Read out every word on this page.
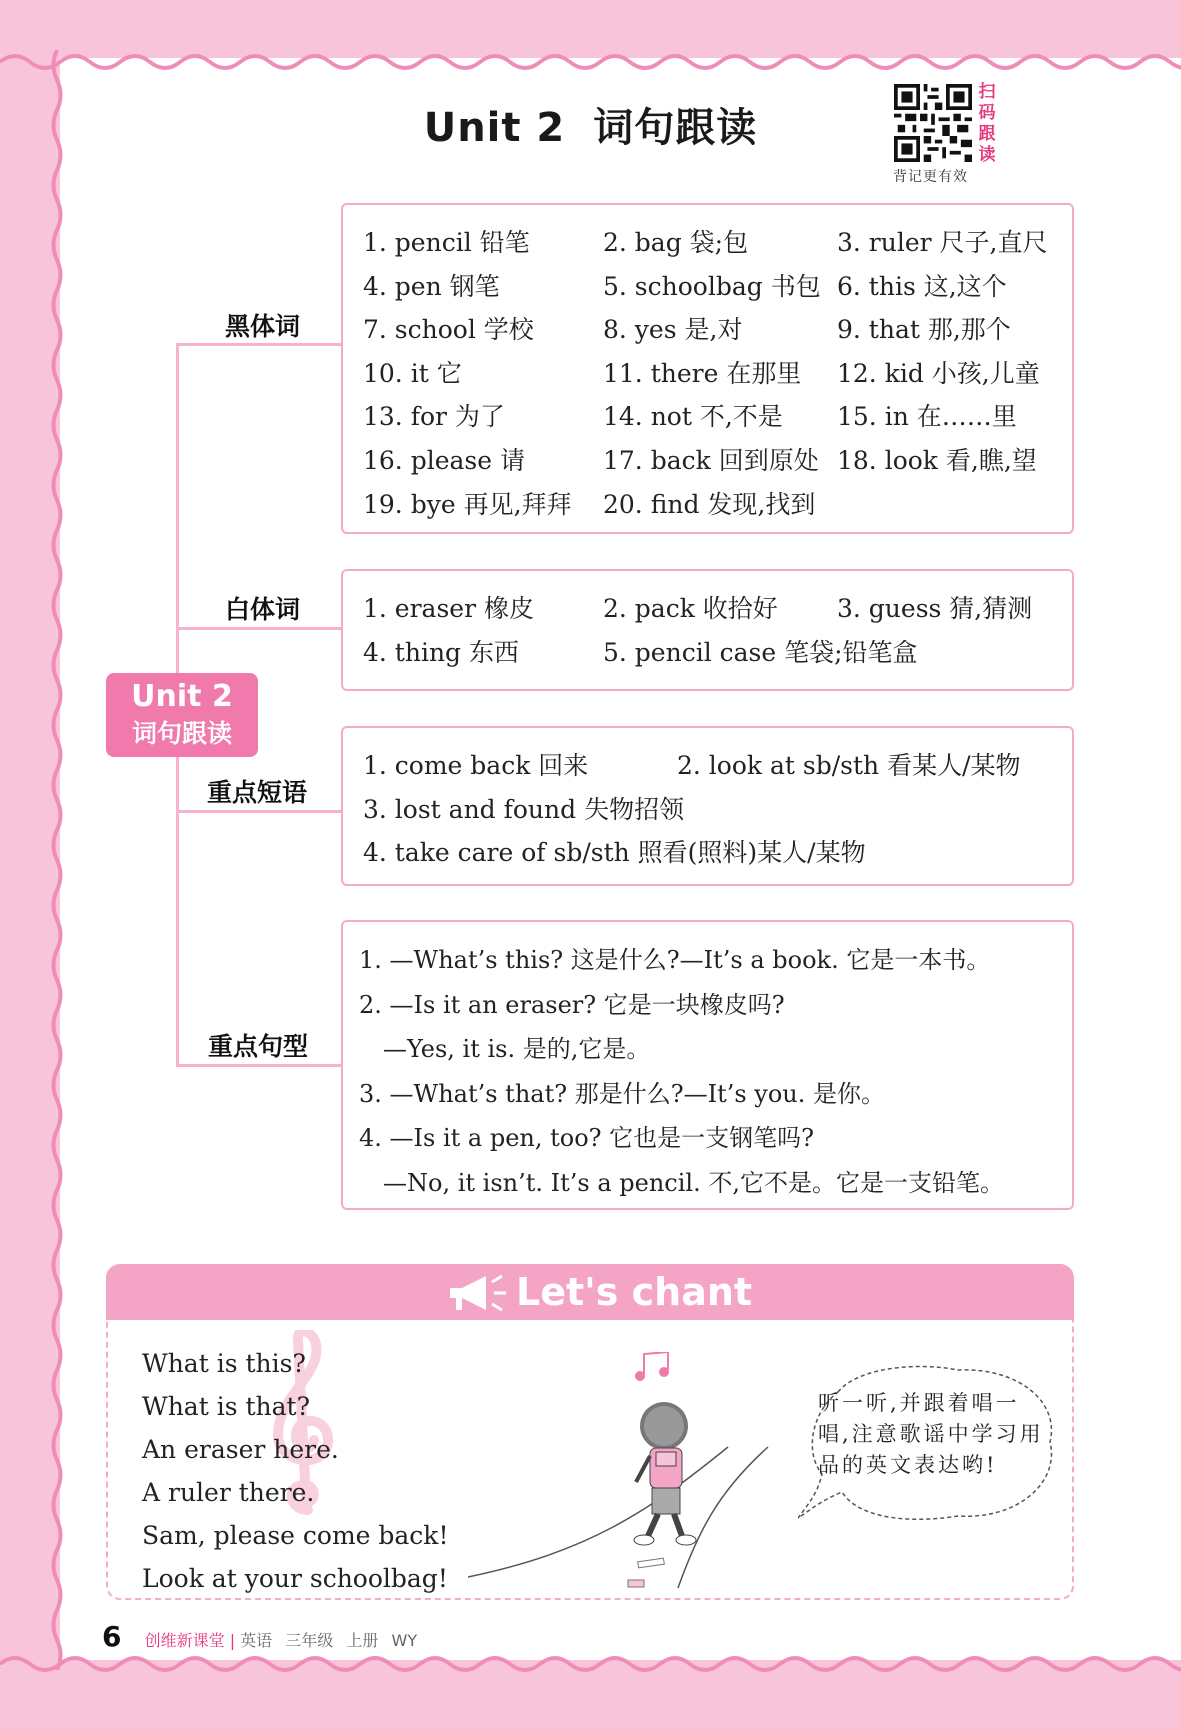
Unit 2 词句跟读
扫
码
跟
读
背记更有效
Unit 2
词句跟读
黑体词
白体词
重点短语
重点句型
1. pencil 铅笔	2. bag 袋;包	3. ruler 尺子,直尺
4. pen 钢笔	5. schoolbag 书包 6. this 这,这个
7. school 学校	8. yes 是,对	9. that 那,那个
10. it 它	11. there 在那里	12. kid 小孩,儿童
13. for 为了	14. not 不,不是	15. in 在……里
16. please 请	17. back 回到原处 18. look 看,瞧,望
19. bye 再见,拜拜	20. find 发现,找到
1. eraser 橡皮	2. pack 收拾好	3. guess 猜,猜测
4. thing 东西	5. pencil case 笔袋;铅笔盒
1. come back 回来	2. look at sb/sth 看某人/某物
3. lost and found 失物招领
4. take care of sb/sth 照看(照料)某人/某物
1. —What’s this? 这是什么?—It’s a book. 它是一本书。
2. —Is it an eraser? 它是一块橡皮吗?
—Yes, it is. 是的,它是。
3. —What’s that? 那是什么?—It’s you. 是你。
4. —Is it a pen, too? 它也是一支钢笔吗?
—No, it isn’t. It’s a pencil. 不,它不是。它是一支铅笔。
Let's chant
What is this?
What is that?
An eraser here.
A ruler there.
Sam, please come back!
Look at your schoolbag!
听一听,并跟着唱一唱,注意歌谣中学习用品的英文表达哟!
6 创维新课堂 | 英语 三年级 上册 WY
